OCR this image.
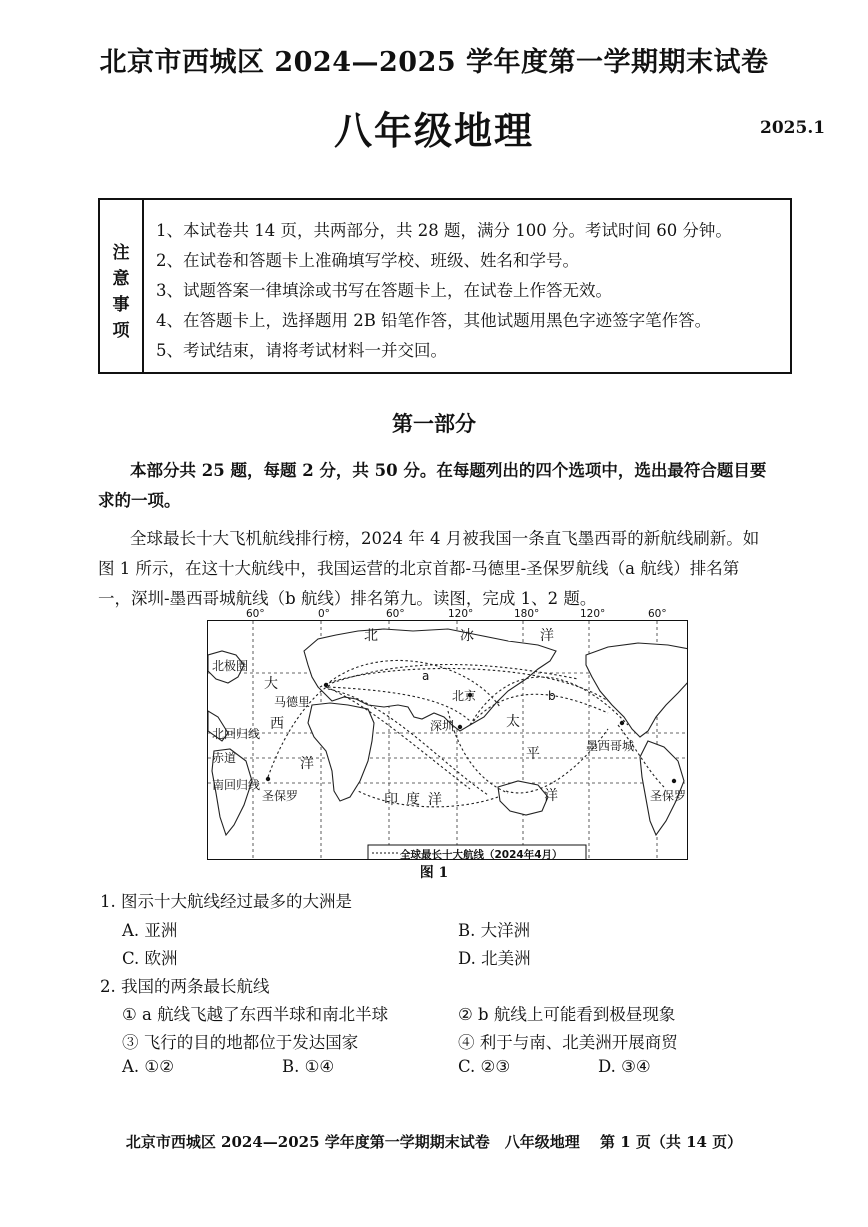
北京市西城区 2024—2025 学年度第一学期期末试卷
八年级地理	2025.1
注
意
事
项
1、本试卷共 14 页，共两部分，共 28 题，满分 100 分。考试时间 60 分钟。
2、在试卷和答题卡上准确填写学校、班级、姓名和学号。
3、试题答案一律填涂或书写在答题卡上，在试卷上作答无效。
4、在答题卡上，选择题用 2B 铅笔作答，其他试题用黑色字迹签字笔作答。
5、考试结束，请将考试材料一并交回。
第一部分
本部分共 25 题，每题 2 分，共 50 分。在每题列出的四个选项中，选出最符合题目要
求的一项。
全球最长十大飞机航线排行榜，2024 年 4 月被我国一条直飞墨西哥的新航线刷新。如
图 1 所示，在这十大航线中，我国运营的北京首都-马德里-圣保罗航线（a 航线）排名第
一，深圳-墨西哥城航线（b 航线）排名第九。读图，完成 1、2 题。
60°	0°	60°	120°	180°	120°	60°
北极圈
北回归线
赤道
南回归线
北	冰	洋
大
西
洋
太
平
洋
印 度 洋
马德里	北京
深圳
墨西哥城
圣保罗	圣保罗
a
b
全球最长十大航线（2024年4月）
图 1
1. 图示十大航线经过最多的大洲是
A. 亚洲	B. 大洋洲
C. 欧洲	D. 北美洲
2. 我国的两条最长航线
① a 航线飞越了东西半球和南北半球	② b 航线上可能看到极昼现象
③ 飞行的目的地都位于发达国家	④ 利于与南、北美洲开展商贸
A. ①②	B. ①④	C. ②③	D. ③④
北京市西城区 2024—2025 学年度第一学期期末试卷　八年级地理　 第 1 页（共 14 页）
